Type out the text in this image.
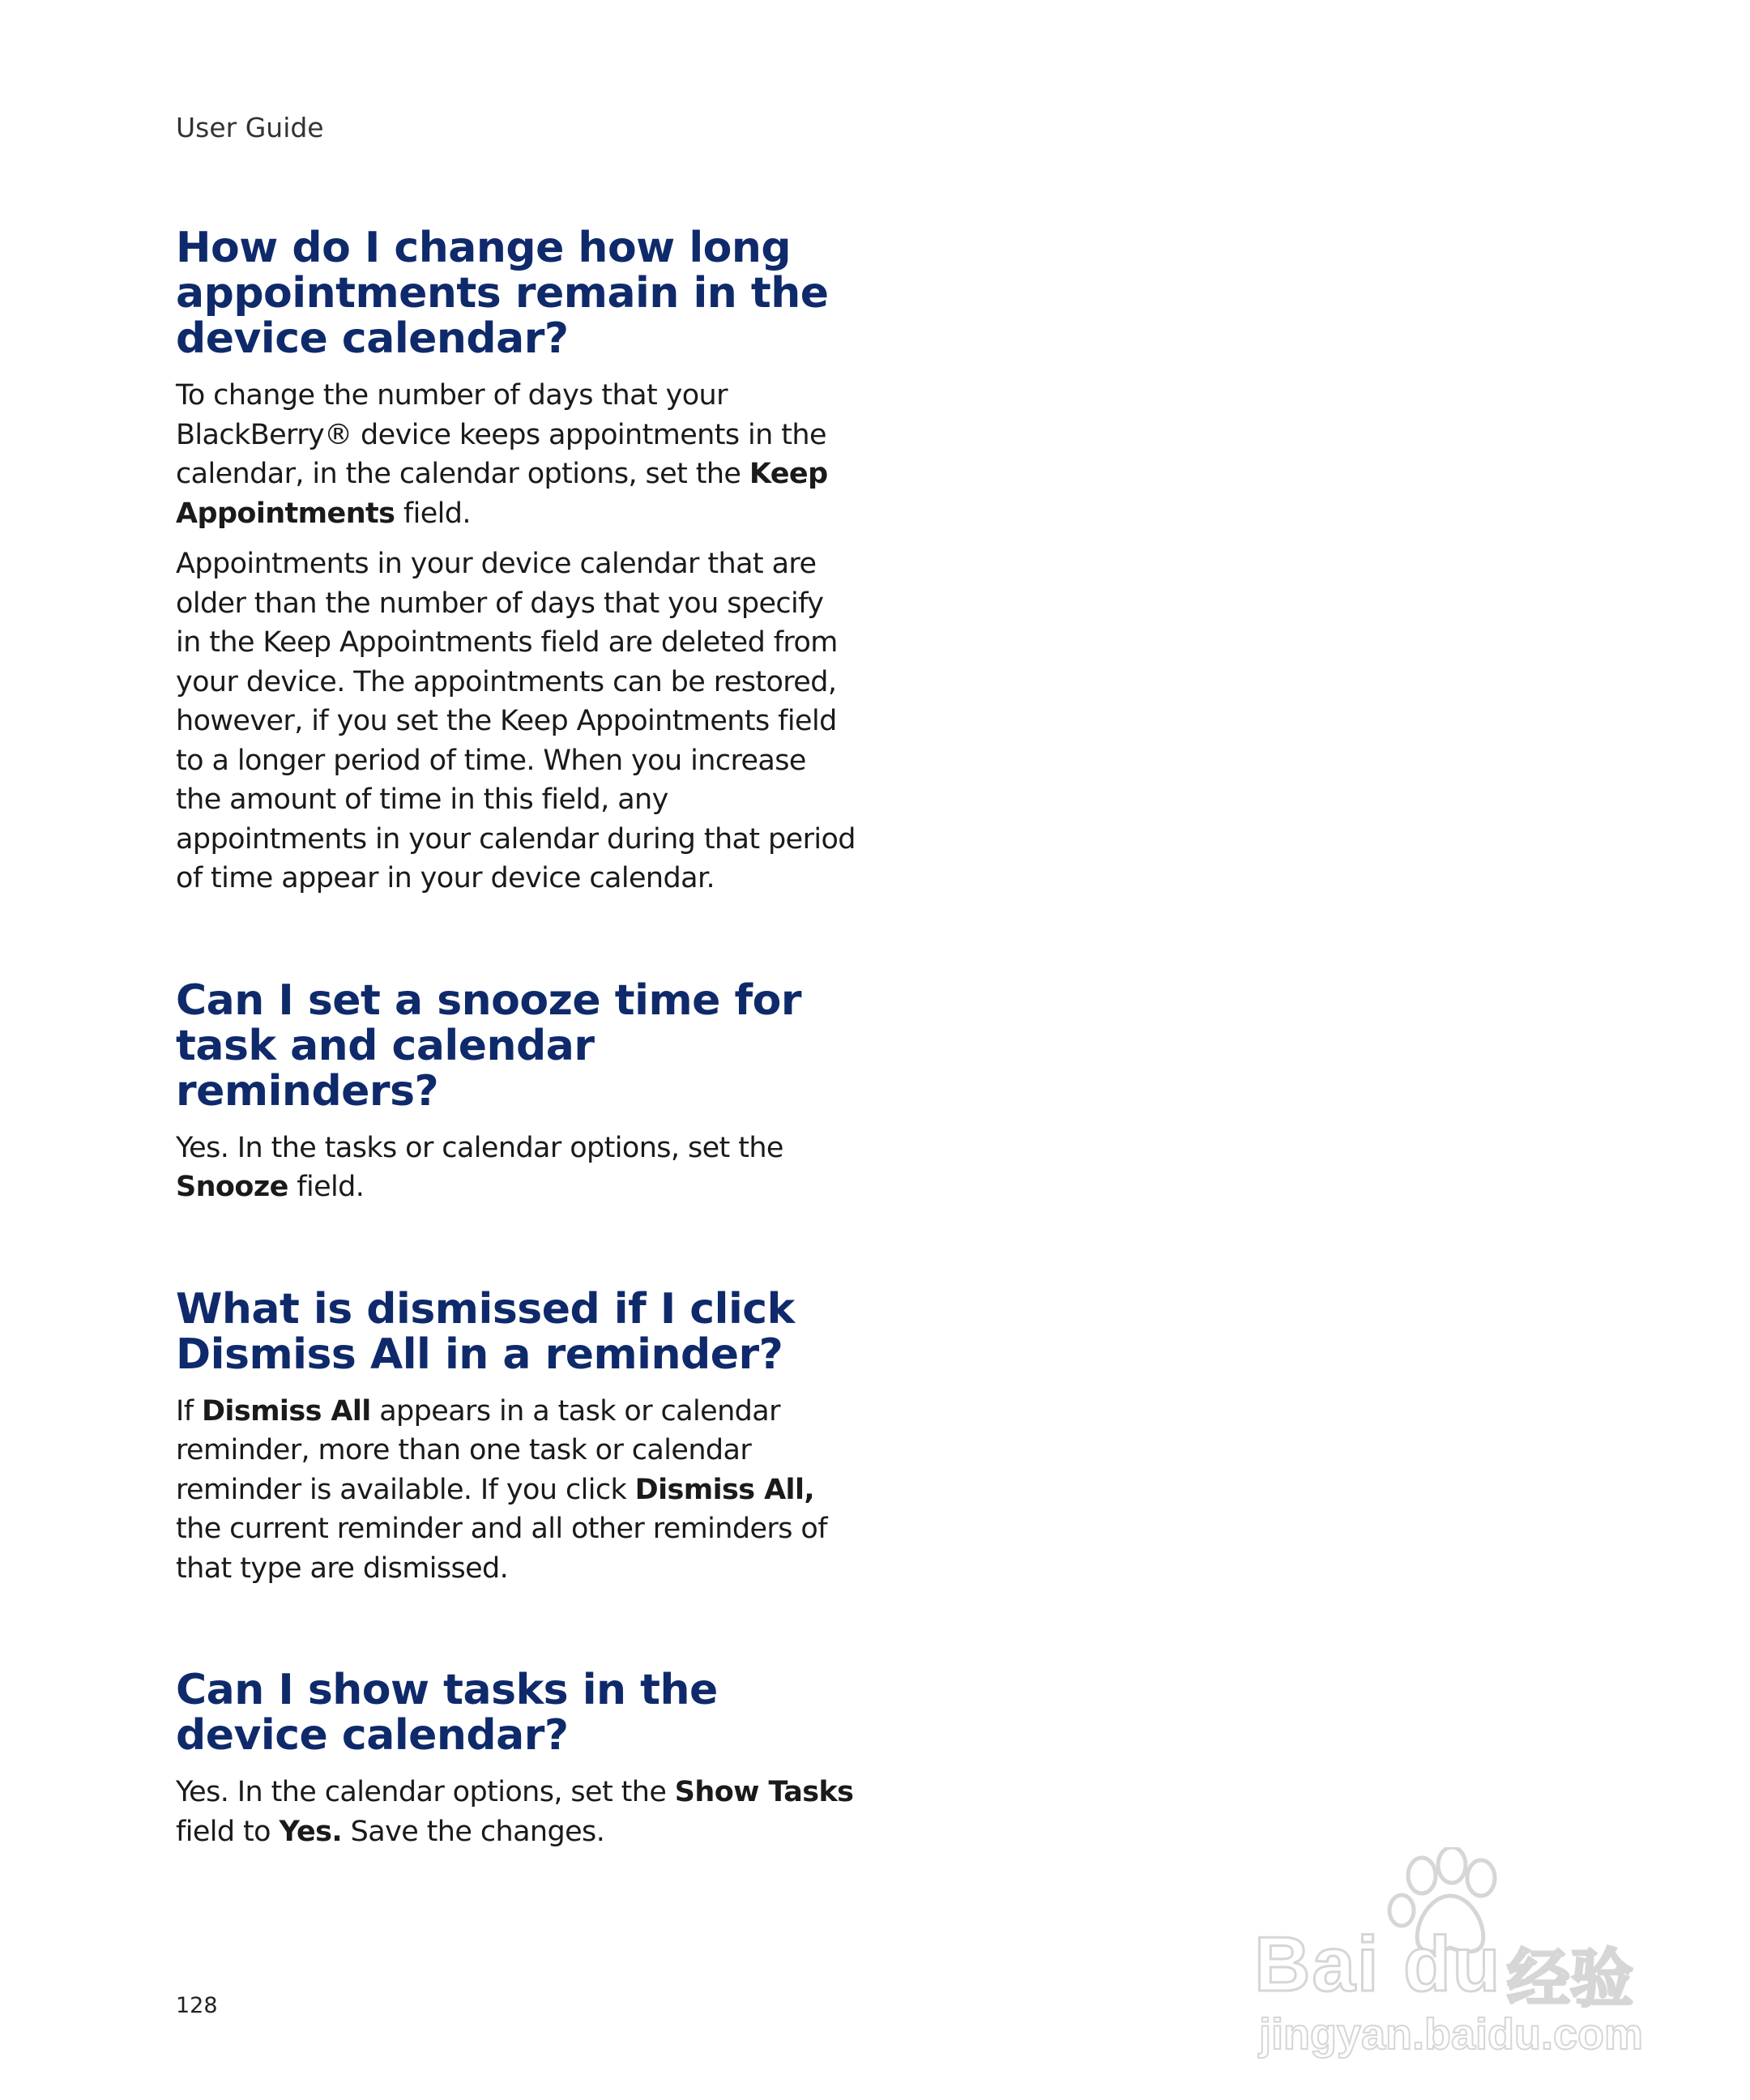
User Guide
How do I change how long appointments remain in the device calendar?

To change the number of days that your BlackBerry® device keeps appointments in the calendar, in the calendar options, set the Keep Appointments field.

Appointments in your device calendar that are older than the number of days that you specify in the Keep Appointments field are deleted from your device. The appointments can be restored, however, if you set the Keep Appointments field to a longer period of time. When you increase the amount of time in this field, any appointments in your calendar during that period of time appear in your device calendar.

Can I set a snooze time for task and calendar reminders?

Yes. In the tasks or calendar options, set the Snooze field.

What is dismissed if I click Dismiss All in a reminder?

If Dismiss All appears in a task or calendar reminder, more than one task or calendar reminder is available. If you click Dismiss All, the current reminder and all other reminders of that type are dismissed.

Can I show tasks in the device calendar?

Yes. In the calendar options, set the Show Tasks field to Yes. Save the changes.

128	Bai du 经验
jingyan.baidu.com
